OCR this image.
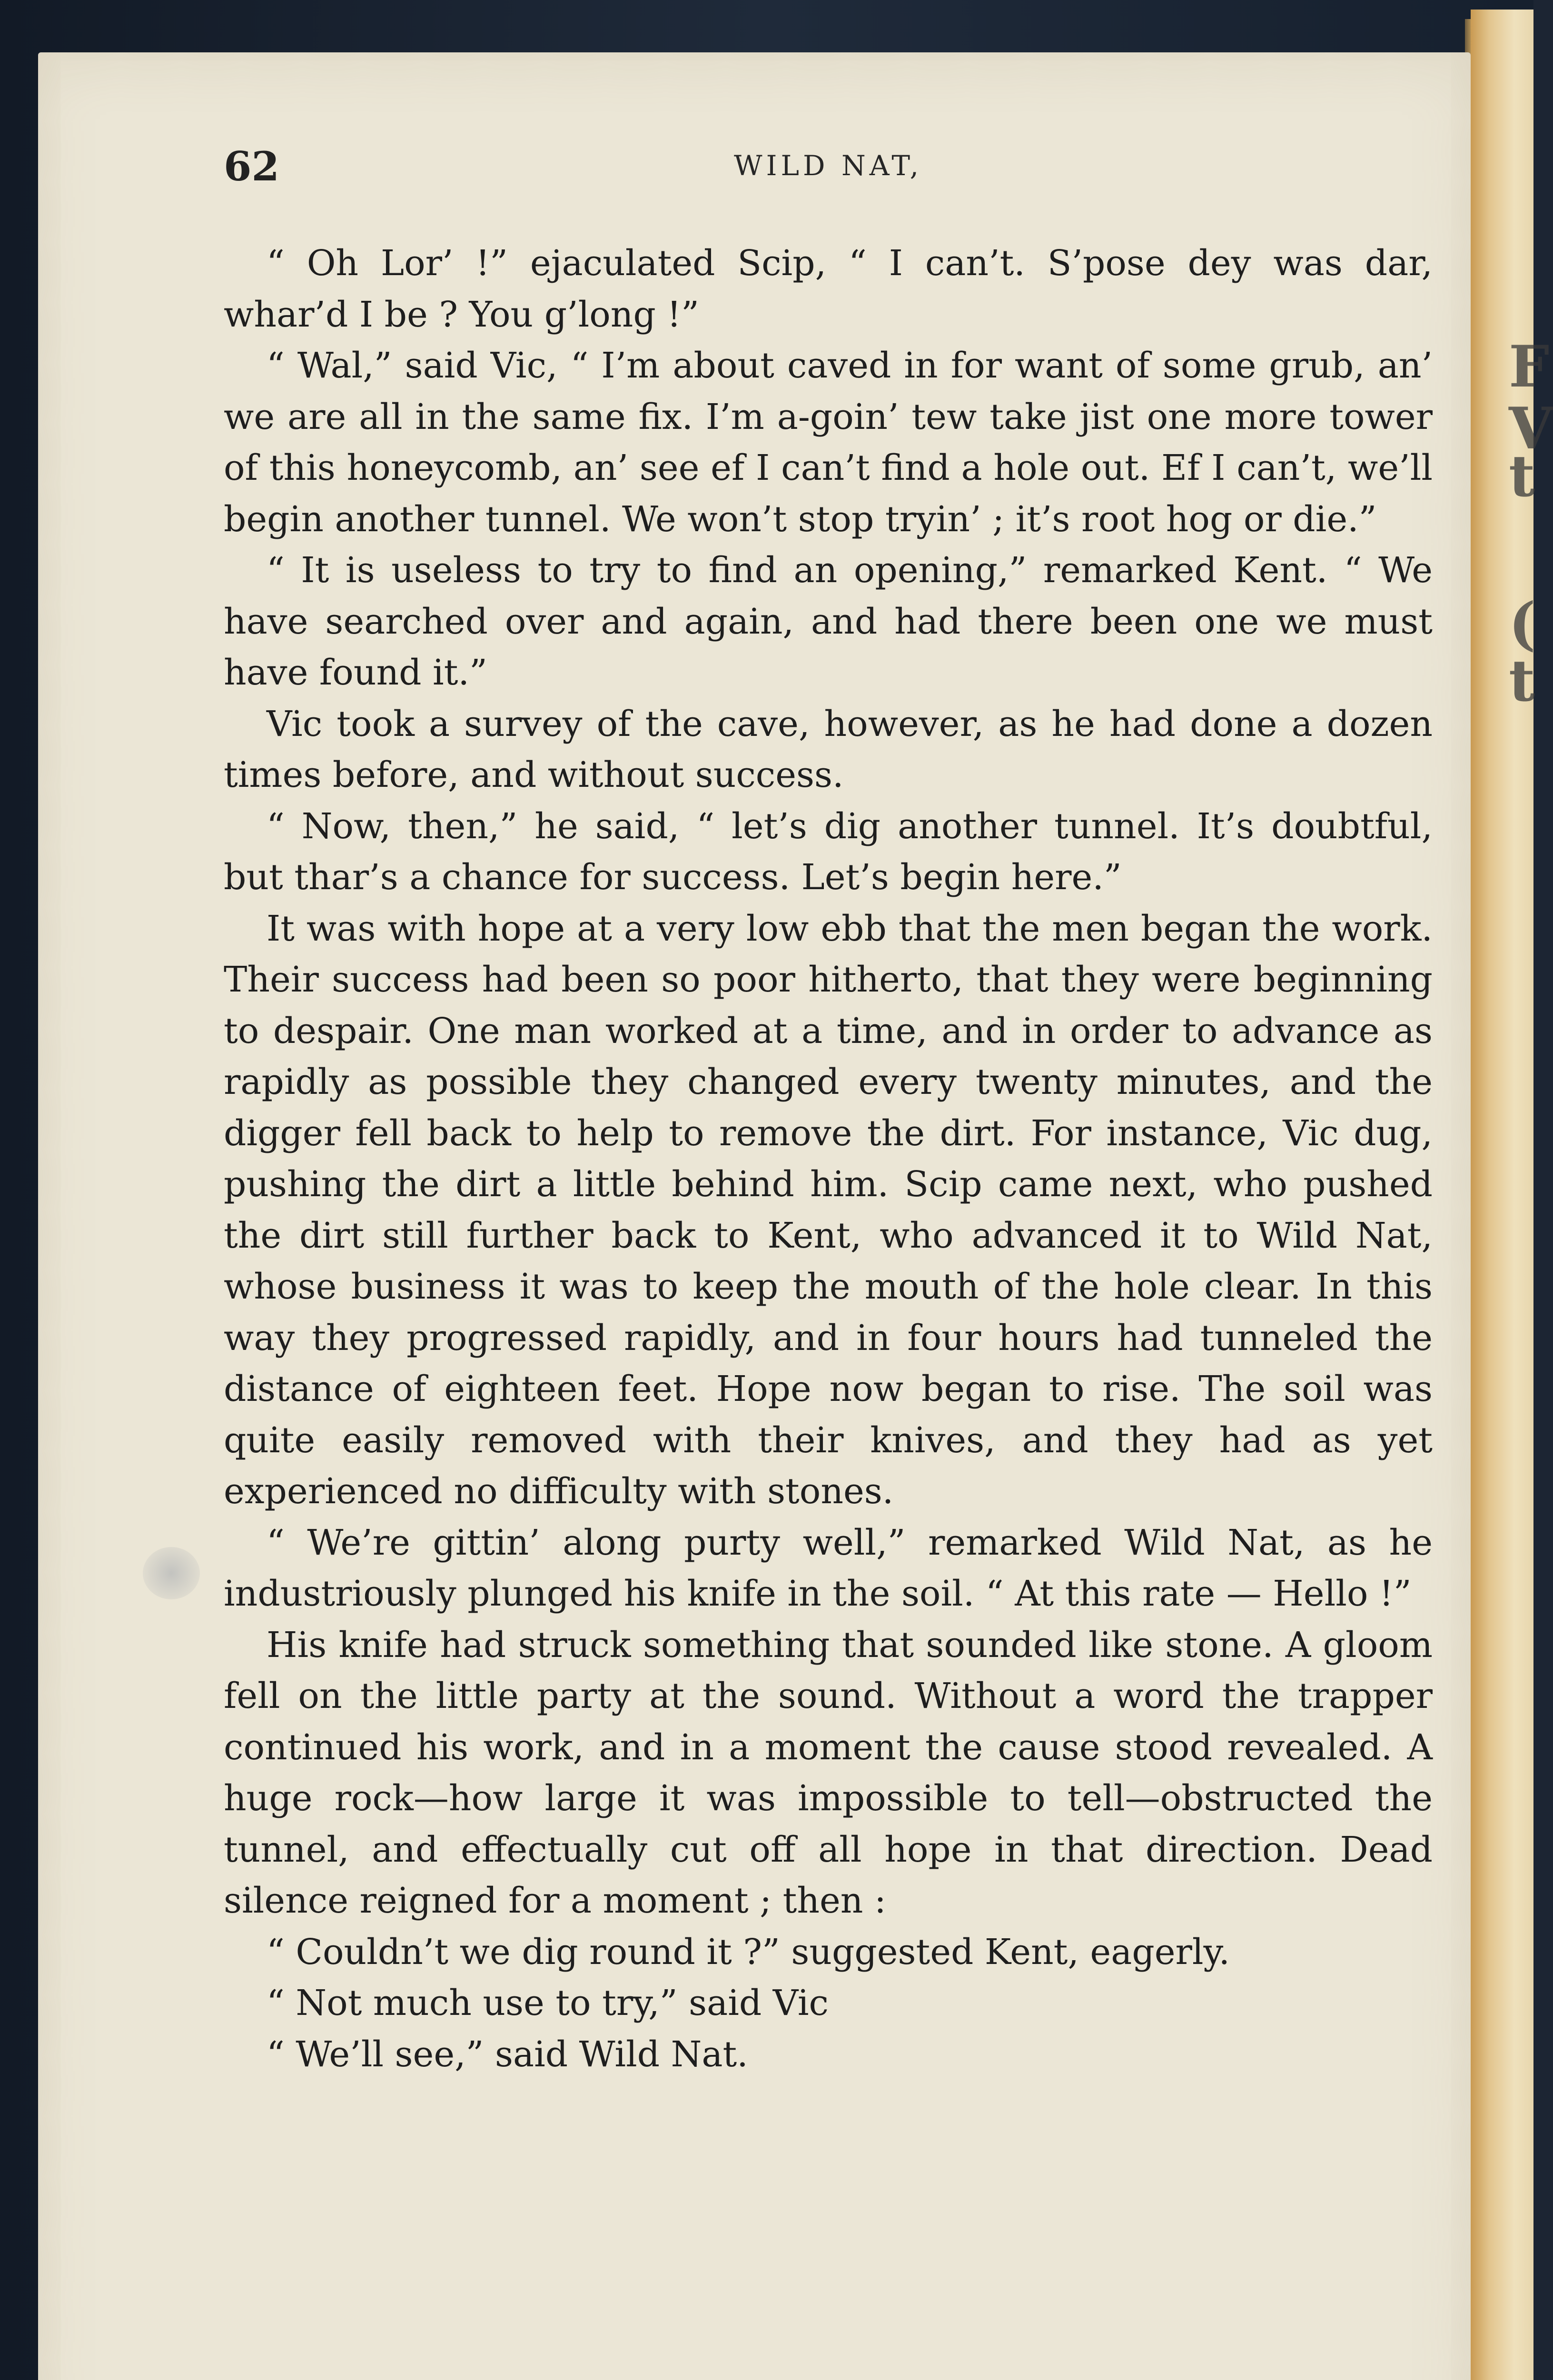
F
V
t
(
t
62	WILD NAT,

“ Oh Lor’ !” ejaculated Scip, “ I can’t. S’pose dey was dar, whar’d I be ? You g’long !”

“ Wal,” said Vic, “ I’m about caved in for want of some grub, an’ we are all in the same fix. I’m a-goin’ tew take jist one more tower of this honeycomb, an’ see ef I can’t find a hole out. Ef I can’t, we’ll begin another tunnel. We won’t stop tryin’ ; it’s root hog or die.”

“ It is useless to try to find an opening,” remarked Kent. “ We have searched over and again, and had there been one we must have found it.”

Vic took a survey of the cave, however, as he had done a dozen times before, and without success.

“ Now, then,” he said, “ let’s dig another tunnel. It’s doubtful, but thar’s a chance for success. Let’s begin here.”

It was with hope at a very low ebb that the men began the work. Their success had been so poor hitherto, that they were beginning to despair. One man worked at a time, and in order to advance as rapidly as possible they changed every twenty minutes, and the digger fell back to help to remove the dirt. For instance, Vic dug, pushing the dirt a little behind him. Scip came next, who pushed the dirt still further back to Kent, who advanced it to Wild Nat, whose business it was to keep the mouth of the hole clear. In this way they progressed rapidly, and in four hours had tunneled the distance of eighteen feet. Hope now began to rise. The soil was quite easily removed with their knives, and they had as yet experienced no difficulty with stones.

“ We’re gittin’ along purty well,” remarked Wild Nat, as he industriously plunged his knife in the soil. “ At this rate — Hello !”

His knife had struck something that sounded like stone. A gloom fell on the little party at the sound. Without a word the trapper continued his work, and in a moment the cause stood revealed. A huge rock—how large it was impossible to tell—obstructed the tunnel, and effectually cut off all hope in that direction. Dead silence reigned for a moment ; then :

“ Couldn’t we dig round it ?” suggested Kent, eagerly.

“ Not much use to try,” said Vic

“ We’ll see,” said Wild Nat.
